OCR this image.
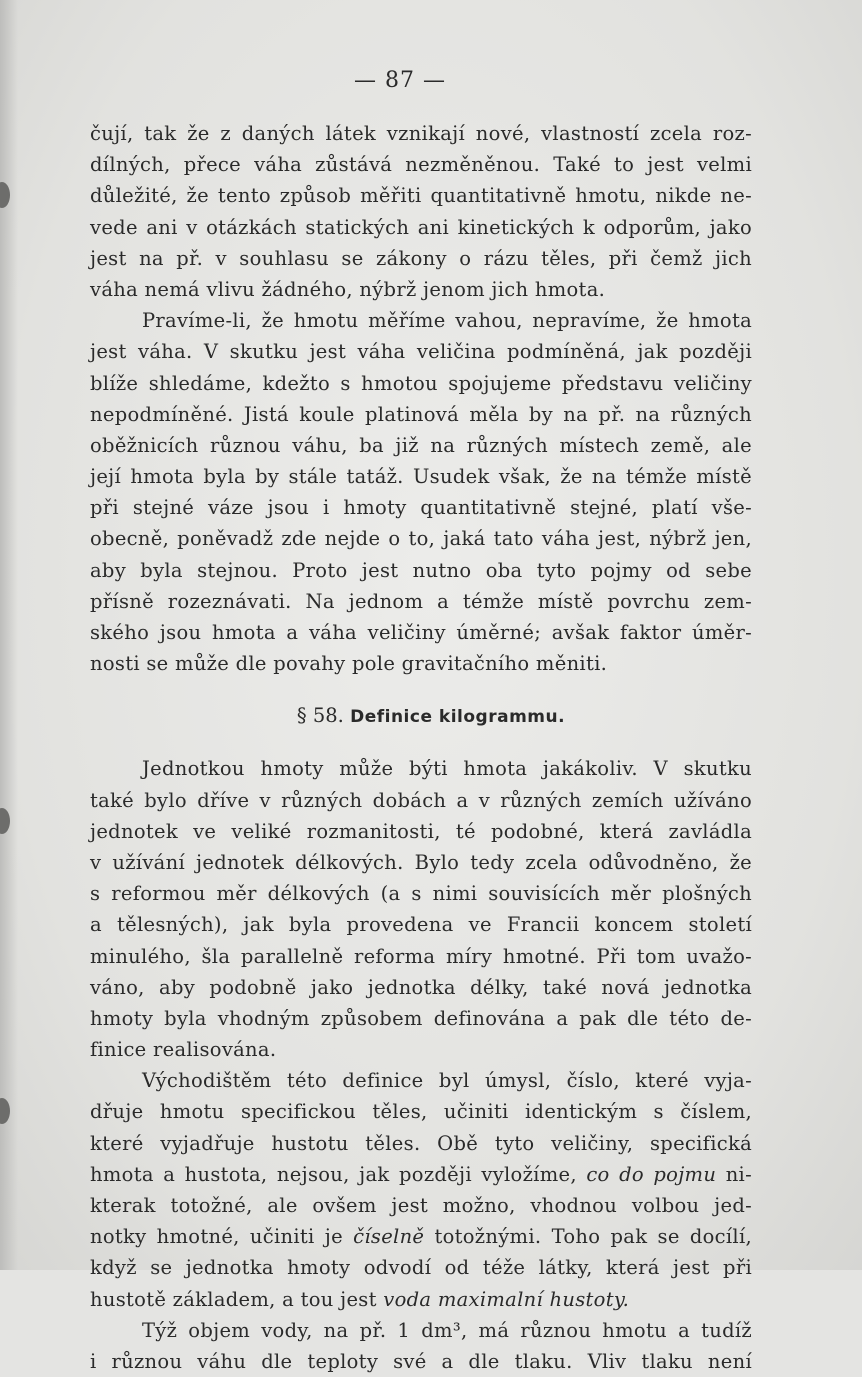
— 87 —
čují, tak že z daných látek vznikají nové, vlastností zcela roz-
dílných, přece váha zůstává nezměněnou. Také to jest velmi
důležité, že tento způsob měřiti quantitativně hmotu, nikde ne-
vede ani v otázkách statických ani kinetických k odporům, jako
jest na př. v souhlasu se zákony o rázu těles, při čemž jich
váha nemá vlivu žádného, nýbrž jenom jich hmota.
Pravíme-li, že hmotu měříme vahou, nepravíme, že hmota
jest váha. V skutku jest váha veličina podmíněná, jak později
blíže shledáme, kdežto s hmotou spojujeme představu veličiny
nepodmíněné. Jistá koule platinová měla by na př. na různých
oběžnicích různou váhu, ba již na různých místech země, ale
její hmota byla by stále tatáž. Usudek však, že na témže místě
při stejné váze jsou i hmoty quantitativně stejné, platí vše-
obecně, poněvadž zde nejde o to, jaká tato váha jest, nýbrž jen,
aby byla stejnou. Proto jest nutno oba tyto pojmy od sebe
přísně rozeznávati. Na jednom a témže místě povrchu zem-
ského jsou hmota a váha veličiny úměrné; avšak faktor úměr-
nosti se může dle povahy pole gravitačního měniti.
§ 58. Definice kilogrammu.
Jednotkou hmoty může býti hmota jakákoliv. V skutku
také bylo dříve v různých dobách a v různých zemích užíváno
jednotek ve veliké rozmanitosti, té podobné, která zavládla
v užívání jednotek délkových. Bylo tedy zcela odůvodněno, že
s reformou měr délkových (a s nimi souvisících měr plošných
a tělesných), jak byla provedena ve Francii koncem století
minulého, šla parallelně reforma míry hmotné. Při tom uvažo-
váno, aby podobně jako jednotka délky, také nová jednotka
hmoty byla vhodným způsobem definována a pak dle této de-
finice realisována.
Východištěm této definice byl úmysl, číslo, které vyja-
dřuje hmotu specifickou těles, učiniti identickým s číslem,
které vyjadřuje hustotu těles. Obě tyto veličiny, specifická
hmota a hustota, nejsou, jak později vyložíme, co do pojmu ni-
kterak totožné, ale ovšem jest možno, vhodnou volbou jed-
notky hmotné, učiniti je číselně totožnými. Toho pak se docílí,
když se jednotka hmoty odvodí od téže látky, která jest při
hustotě základem, a tou jest voda maximalní hustoty.
Týž objem vody, na př. 1 dm³, má různou hmotu a tudíž
i různou váhu dle teploty své a dle tlaku. Vliv tlaku není
